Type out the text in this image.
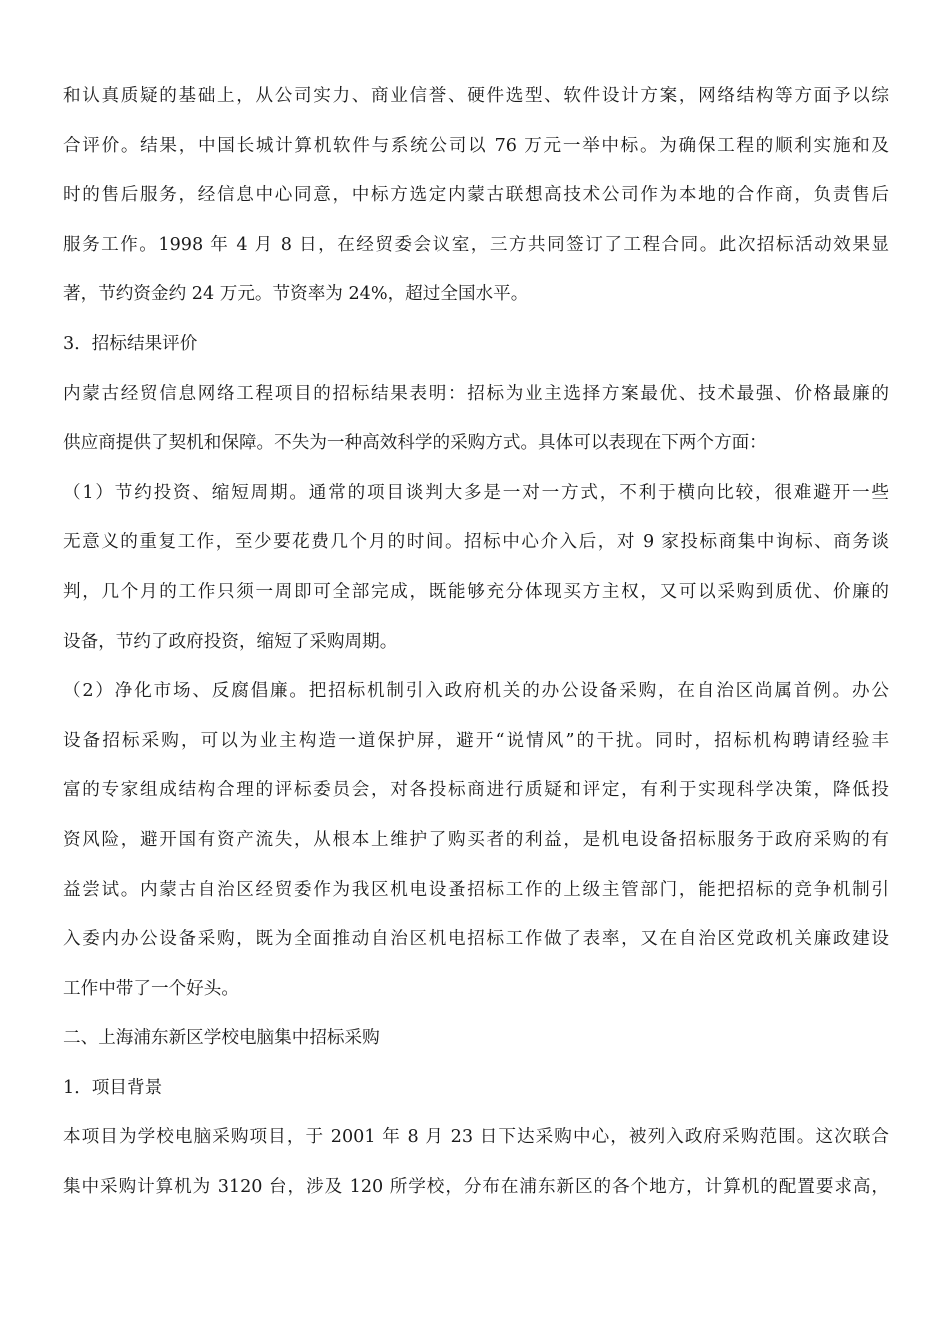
和认真质疑的基础上，从公司实力、商业信誉、硬件选型、软件设计方案，网络结构等方面予以综
合评价。结果，中国长城计算机软件与系统公司以 76 万元一举中标。为确保工程的顺利实施和及
时的售后服务，经信息中心同意，中标方选定内蒙古联想高技术公司作为本地的合作商，负责售后
服务工作。1998 年 4 月 8 日，在经贸委会议室，三方共同签订了工程合同。此次招标活动效果显
著，节约资金约 24 万元。节资率为 24%，超过全国水平。
3．招标结果评价
内蒙古经贸信息网络工程项目的招标结果表明：招标为业主选择方案最优、技术最强、价格最廉的
供应商提供了契机和保障。不失为一种高效科学的采购方式。具体可以表现在下两个方面：
（1）节约投资、缩短周期。通常的项目谈判大多是一对一方式，不利于横向比较，很难避开一些
无意义的重复工作，至少要花费几个月的时间。招标中心介入后，对 9 家投标商集中询标、商务谈
判，几个月的工作只须一周即可全部完成，既能够充分体现买方主权，又可以采购到质优、价廉的
设备，节约了政府投资，缩短了采购周期。
（2）净化市场、反腐倡廉。把招标机制引入政府机关的办公设备采购，在自治区尚属首例。办公
设备招标采购，可以为业主构造一道保护屏，避开“说情风”的干扰。同时，招标机构聘请经验丰
富的专家组成结构合理的评标委员会，对各投标商进行质疑和评定，有利于实现科学决策，降低投
资风险，避开国有资产流失，从根本上维护了购买者的利益，是机电设备招标服务于政府采购的有
益尝试。内蒙古自治区经贸委作为我区机电设蚤招标工作的上级主管部门，能把招标的竞争机制引
入委内办公设备采购，既为全面推动自治区机电招标工作做了表率，又在自治区党政机关廉政建设
工作中带了一个好头。
二、上海浦东新区学校电脑集中招标采购
1．项目背景
本项目为学校电脑采购项目，于 2001 年 8 月 23 日下达采购中心，被列入政府采购范围。这次联合
集中采购计算机为 3120 台，涉及 120 所学校，分布在浦东新区的各个地方，计算机的配置要求高，
